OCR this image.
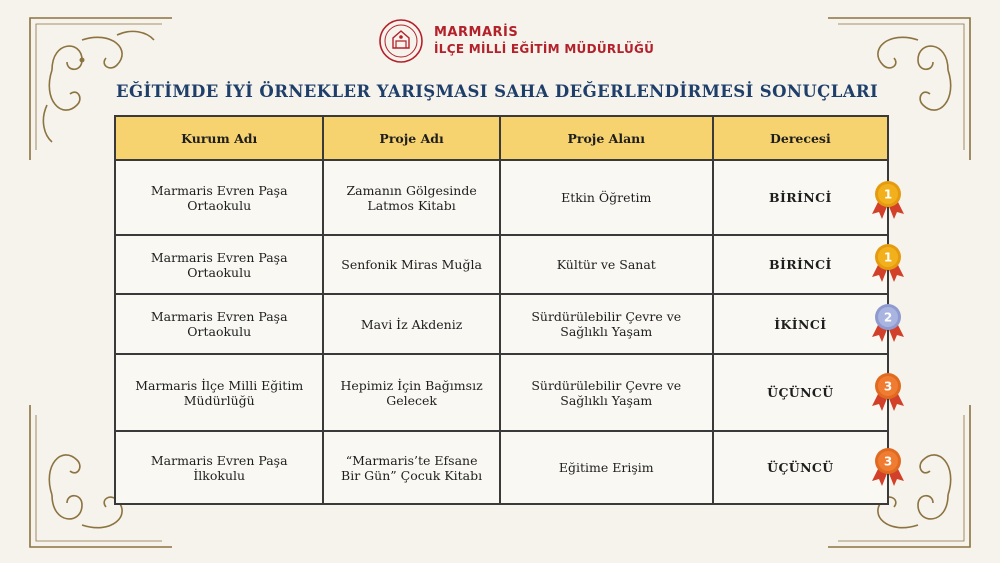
MARMARİS
İLÇE MİLLİ EĞİTİM MÜDÜRLÜĞÜ
EĞİTİMDE İYİ ÖRNEKLER YARIŞMASI SAHA DEĞERLENDİRMESİ SONUÇLARI
Kurum Adı	Proje Adı	Proje Alanı	Derecesi
Marmaris Evren Paşa Ortaokulu	Zamanın Gölgesinde Latmos Kitabı	Etkin Öğretim	BİRİNCİ
Marmaris Evren Paşa Ortaokulu	Senfonik Miras Muğla	Kültür ve Sanat	BİRİNCİ
Marmaris Evren Paşa Ortaokulu	Mavi İz Akdeniz	Sürdürülebilir Çevre ve Sağlıklı Yaşam	İKİNCİ
Marmaris İlçe Milli Eğitim Müdürlüğü	Hepimiz İçin Bağımsız Gelecek	Sürdürülebilir Çevre ve Sağlıklı Yaşam	ÜÇÜNCÜ
Marmaris Evren Paşa İlkokulu	“Marmaris’te Efsane Bir Gün” Çocuk Kitabı	Eğitime Erişim	ÜÇÜNCÜ
1
1
2
3
3
